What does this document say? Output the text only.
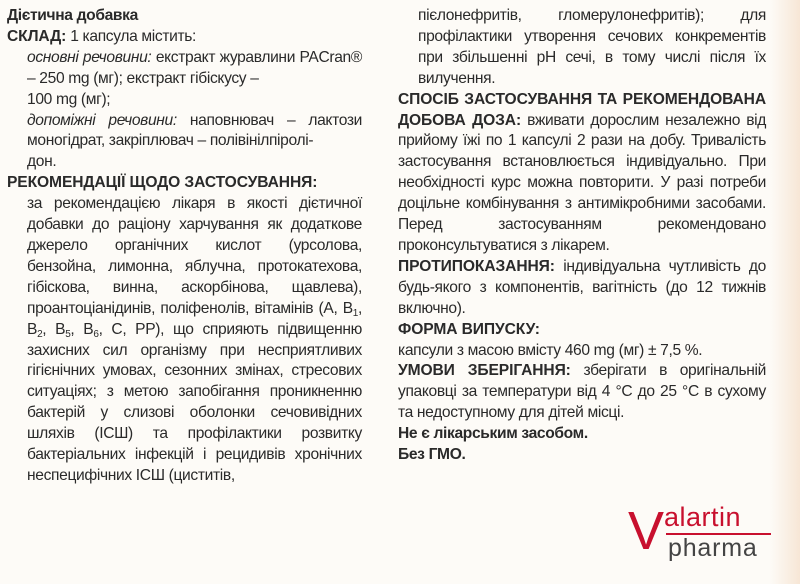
Дієтична добавка

СКЛАД: 1 капсула містить:

основні речовини: екстракт журавлини PACran® – 250 mg (мг); екстракт гібіскусу –

100 mg (мг);

допоміжні речовини: наповнювач – лактози моногідрат, закріплювач – полівінілпіролі-

дон.

РЕКОМЕНДАЦІЇ ЩОДО ЗАСТОСУВАННЯ:

за рекомендацією лікаря в якості дієтичної добавки до раціону харчування як додаткове джерело органічних кислот (урсолова, бензойна, лимонна, яблучна, протокатехова, гібіскова, винна, аскорбінова, щавлева), проантоціанідинів, поліфенолів, вітамінів (А, $В_1$, $В_2$, $В_5$, $В_6$, С, РР), що сприяють підвищенню захисних сил організму при несприятливих гігієнічних умовах, сезонних змінах, стресових ситуаціях; з метою запобігання проникненню бактерій у слизові оболонки сечовивідних шляхів (ІСШ) та профілактики розвитку бактеріальних інфекцій і рецидивів хронічних неспецифічних ІСШ (циститів,

пієлонефритів, гломерулонефритів); для профілактики утворення сечових конкрементів при збільшенні pH сечі, в тому числі після їх вилучення.

СПОСІБ ЗАСТОСУВАННЯ ТА РЕКОМЕНДОВАНА ДОБОВА ДОЗА: вживати дорослим незалежно від прийому їжі по 1 капсулі 2 рази на добу. Тривалість застосування встановлюється індивідуально. При необхідності курс можна повторити. У разі потреби доцільне комбінування з антимікробними засобами. Перед застосуванням рекомендовано проконсультуватися з лікарем.

ПРОТИПОКАЗАННЯ: індивідуальна чутливість до будь-якого з компонентів, вагітність (до 12 тижнів включно).

ФОРМА ВИПУСКУ:

капсули з масою вмісту 460 mg (мг) ± 7,5 %.

УМОВИ ЗБЕРІГАННЯ: зберігати в оригінальній упаковці за температури від 4 °С до 25 °С в сухому та недоступному для дітей місці.

Не є лікарським засобом.

Без ГМО.

V alartin
pharma
